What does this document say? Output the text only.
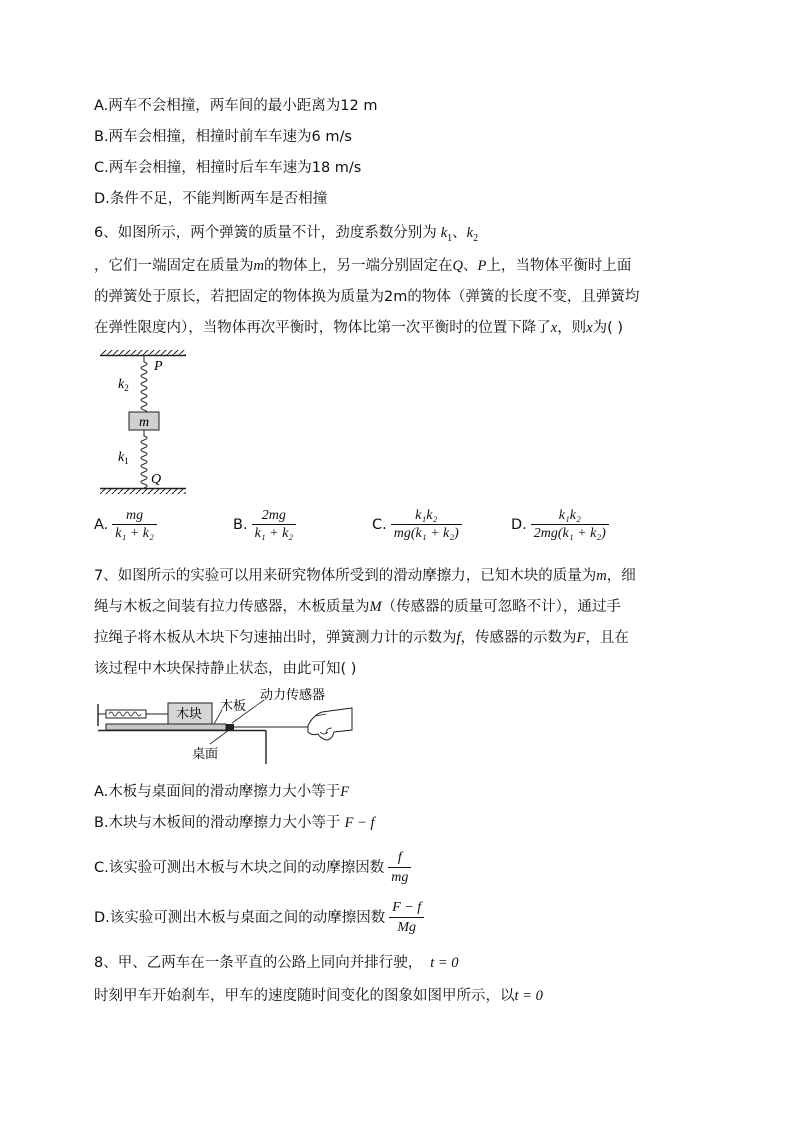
A.两车不会相撞，两车间的最小距离为12 m
B.两车会相撞，相撞时前车车速为6 m/s
C.两车会相撞，相撞时后车车速为18 m/s
D.条件不足，不能判断两车是否相撞
6、如图所示，两个弹簧的质量不计，劲度系数分别为 $k_1$、$k_2$
，它们一端固定在质量为m的物体上，另一端分别固定在Q、P上，当物体平衡时上面
的弹簧处于原长，若把固定的物体换为质量为2m的物体（弹簧的长度不变，且弹簧均
在弹性限度内），当物体再次平衡时，物体比第一次平衡时的位置下降了x，则x为( )
$k_2$
P
m
$k_1$
Q
A. $\frac{mg}{\text{k₁ + k₂}}$	B. $\frac{2mg}{\text{k₁ + k₂}}$	C. $\frac{\text{k₁k₂}}{\text{mg(k₁ + k₂)}}$	D. $\frac{\text{k₁k₂}}{\text{2mg(k₁ + k₂)}}$
7、如图所示的实验可以用来研究物体所受到的滑动摩擦力，已知木块的质量为m，细
绳与木板之间装有拉力传感器，木板质量为M（传感器的质量可忽略不计），通过手
拉绳子将木板从木块下匀速抽出时，弹簧测力计的示数为f，传感器的示数为F，且在
该过程中木块保持静止状态，由此可知( )
木块
动力传感器
木板
桌面
A.木板与桌面间的滑动摩擦力大小等于F
B.木块与木板间的滑动摩擦力大小等于 F − f
C.该实验可测出木板与木块之间的动摩擦因数 $\frac{f}{mg}$
D.该实验可测出木板与桌面之间的动摩擦因数 $\frac{F - f}{Mg}$
8、甲、乙两车在一条平直的公路上同向并排行驶， t = 0
时刻甲车开始刹车，甲车的速度随时间变化的图象如图甲所示，以t = 0
